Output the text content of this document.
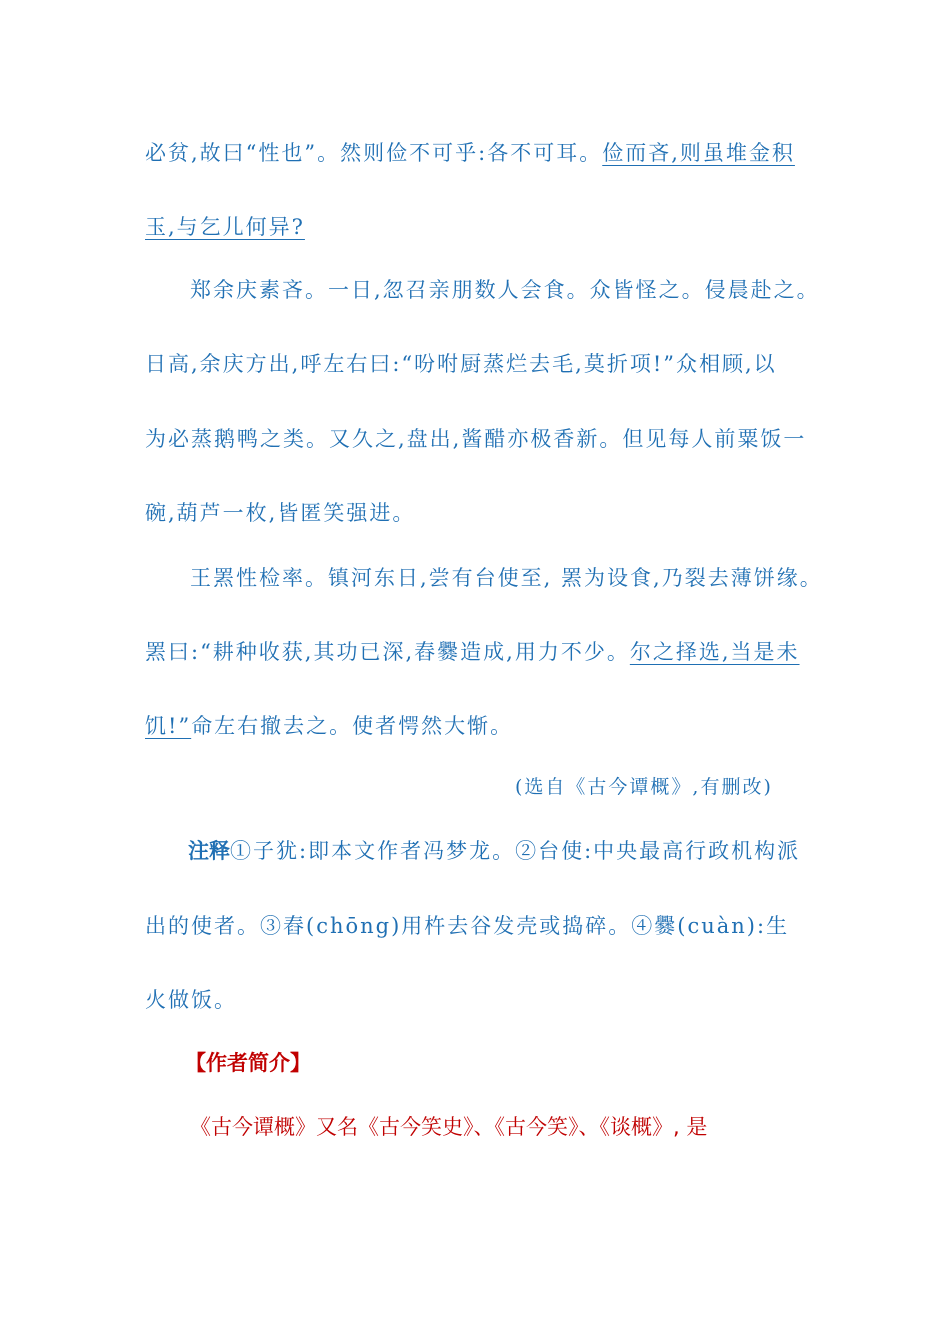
必贫,故曰“性也”。然则俭不可乎:各不可耳。俭而吝,则虽堆金积
玉,与乞儿何异?
郑余庆素吝。一日,忽召亲朋数人会食。众皆怪之。侵晨赴之。
日高,余庆方出,呼左右曰:“吩咐厨蒸烂去毛,莫折项!”众相顾,以
为必蒸鹅鸭之类。又久之,盘出,酱醋亦极香新。但见每人前粟饭一
碗,葫芦一枚,皆匿笑强进。
王罴性检率。镇河东日,尝有台使至, 罴为设食,乃裂去薄饼缘。
罴曰:“耕种收获,其功已深,舂爨造成,用力不少。尔之择选,当是未
饥!”命左右撤去之。使者愕然大惭。
(选自《古今谭概》,有删改)
注释①子犹:即本文作者冯梦龙。②台使:中央最高行政机构派
出的使者。③舂(chōng)用杵去谷发壳或捣碎。④爨(cuàn):生
火做饭。
【作者简介】
《古今谭概》又名《古今笑史》、《古今笑》、《谈概》, 是
